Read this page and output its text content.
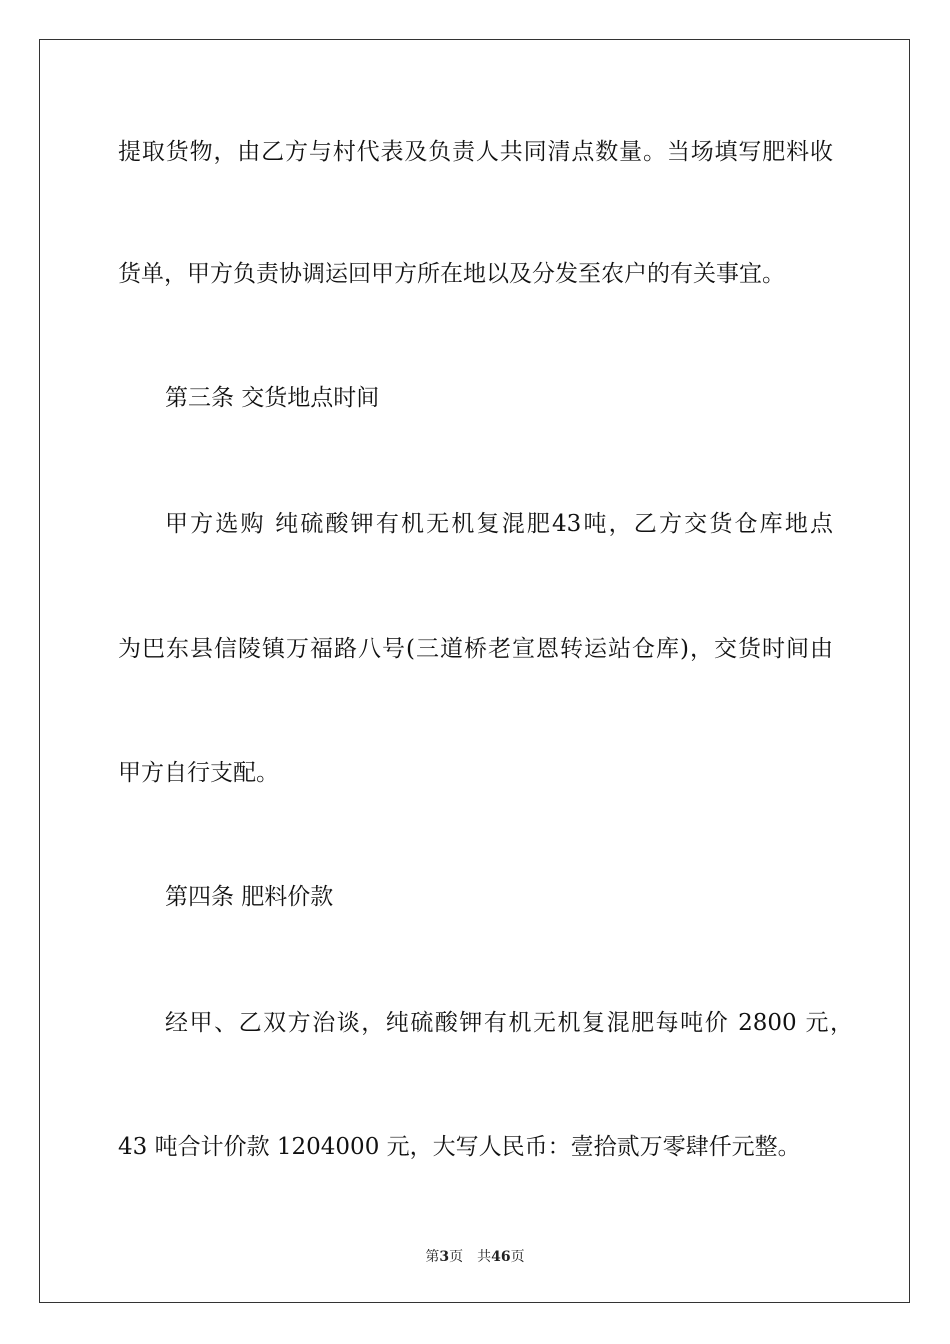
提取货物，由乙方与村代表及负责人共同清点数量。当场填写肥料收
货单，甲方负责协调运回甲方所在地以及分发至农户的有关事宜。
第三条 交货地点时间
甲方选购 纯硫酸钾有机无机复混肥43吨，乙方交货仓库地点
为巴东县信陵镇万福路八号(三道桥老宣恩转运站仓库)，交货时间由
甲方自行支配。
第四条 肥料价款
经甲、乙双方治谈，纯硫酸钾有机无机复混肥每吨价 2800 元，
43 吨合计价款 1204000 元，大写人民币：壹拾贰万零肆仟元整。
第3页 共46页
